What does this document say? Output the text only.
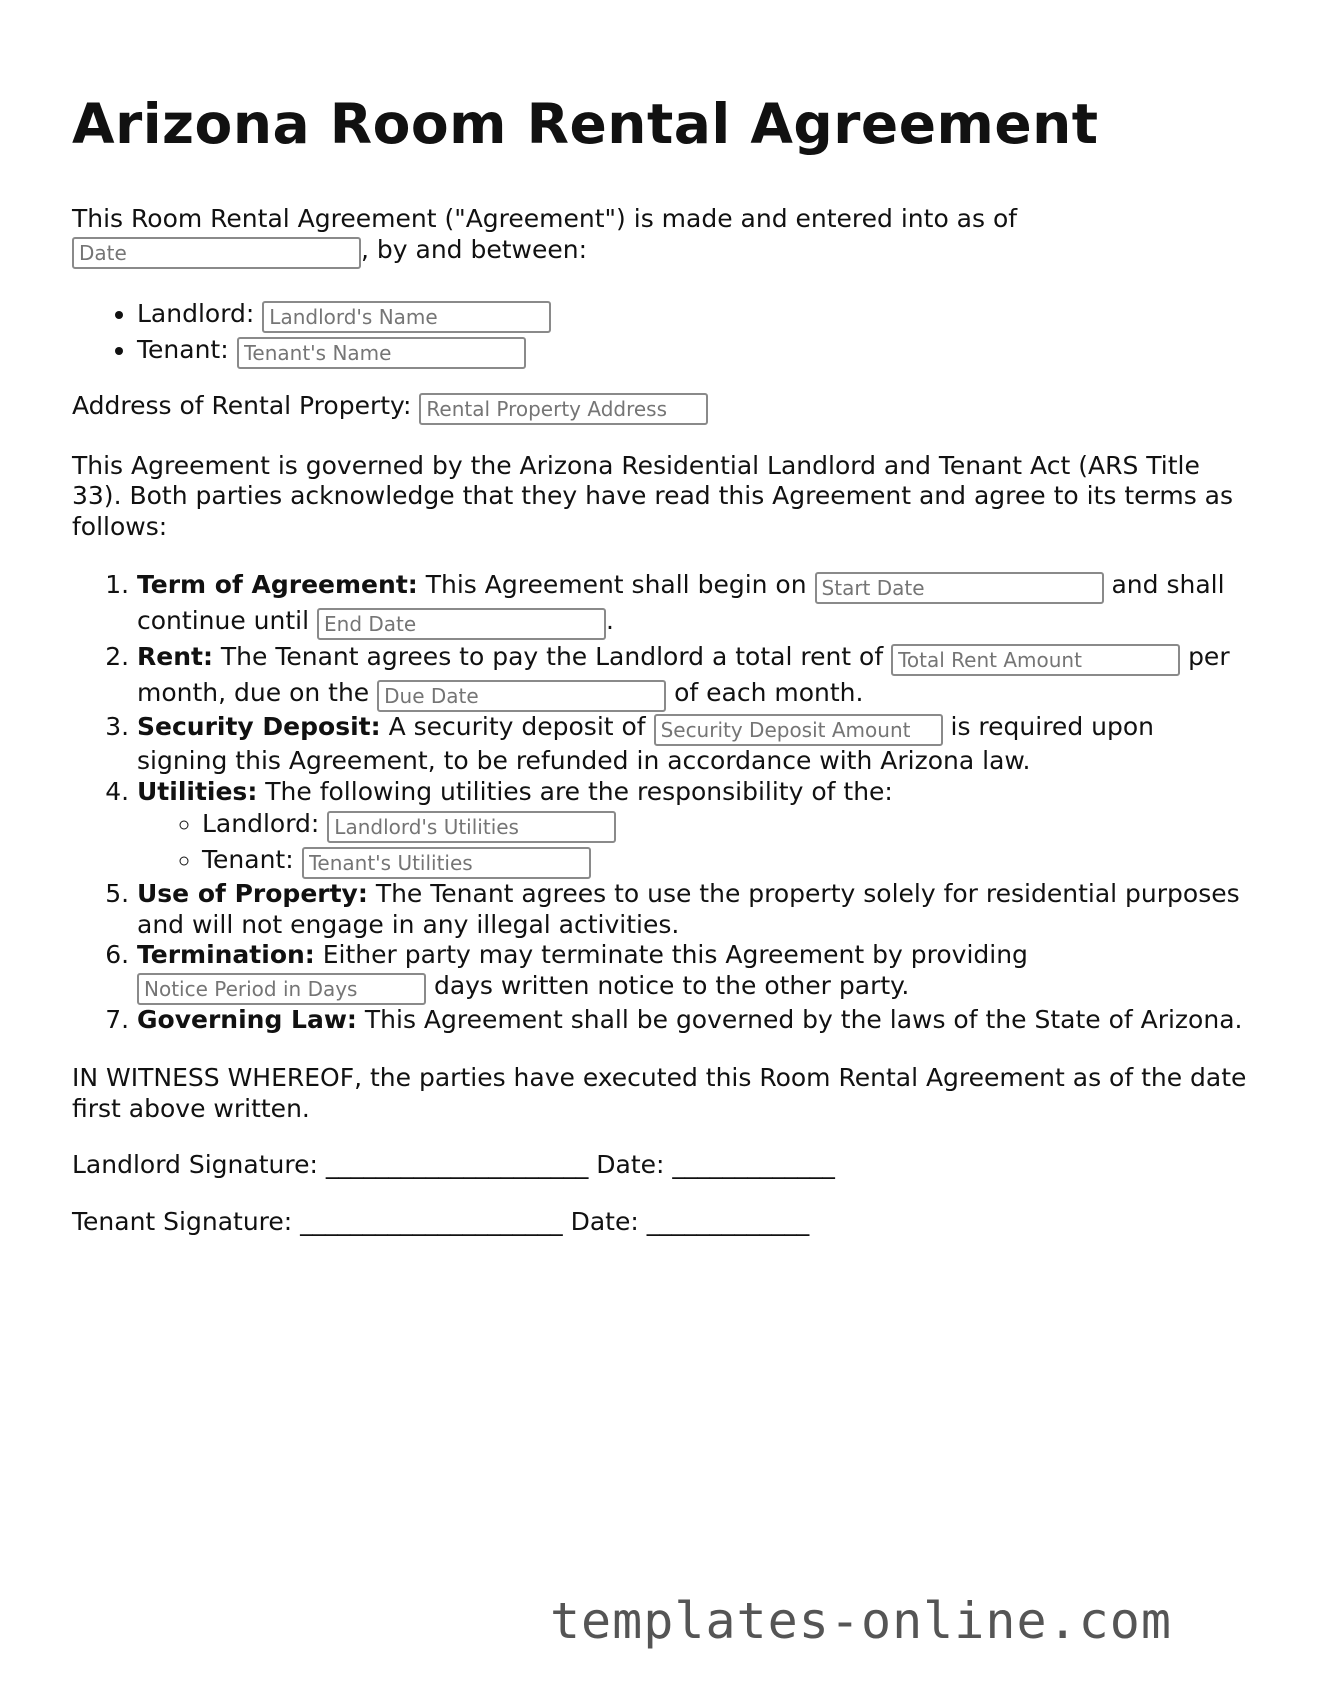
Arizona Room Rental Agreement

This Room Rental Agreement ("Agreement") is made and entered into as of
Date, by and between:

• Landlord: Landlord's Name
• Tenant: Tenant's Name

Address of Rental Property: Rental Property Address

This Agreement is governed by the Arizona Residential Landlord and Tenant Act (ARS Title 33). Both parties acknowledge that they have read this Agreement and agree to its terms as follows:

1. Term of Agreement: This Agreement shall begin on Start Date	and shall continue until End Date	.
2. Rent: The Tenant agrees to pay the Landlord a total rent of Total Rent Amount	per month, due on the Due Date	of each month.
3. Security Deposit: A security deposit of Security Deposit Amount	is required upon signing this Agreement, to be refunded in accordance with Arizona law.
4. Utilities: The following utilities are the responsibility of the:
◦ Landlord: Landlord's Utilities
◦ Tenant: Tenant's Utilities
5. Use of Property: The Tenant agrees to use the property solely for residential purposes and will not engage in any illegal activities.
6. Termination: Either party may terminate this Agreement by providing
Notice Period in Days days written notice to the other party.
7. Governing Law: This Agreement shall be governed by the laws of the State of Arizona.

IN WITNESS WHEREOF, the parties have executed this Room Rental Agreement as of the date first above written.

Landlord Signature: _____________________ Date: _____________

Tenant Signature: _____________________ Date: _____________

templates-online.com
